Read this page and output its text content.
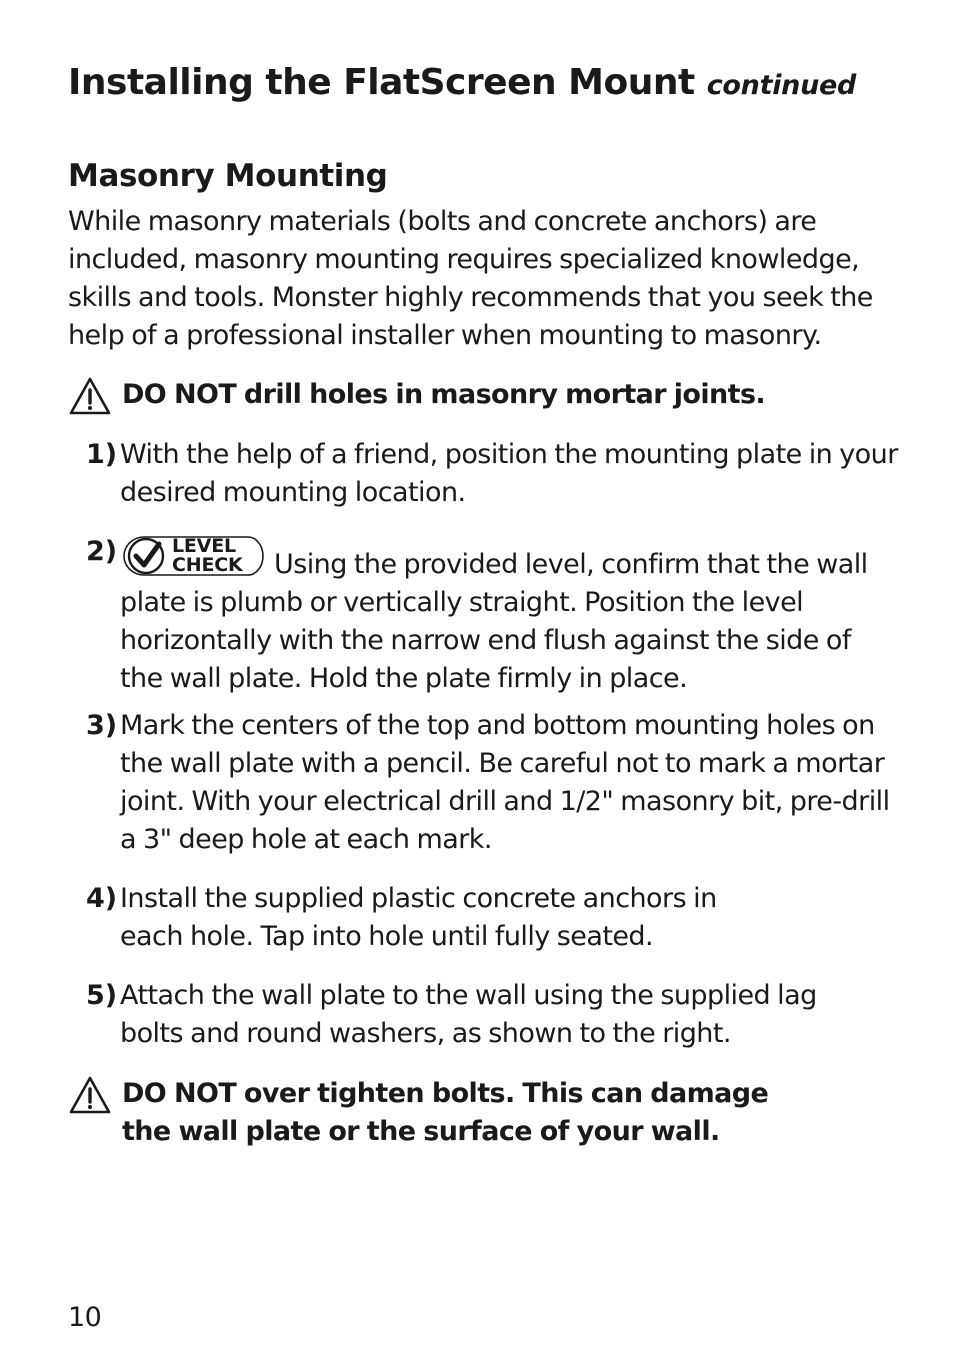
Installing the FlatScreen Mount continued
Masonry Mounting
While masonry materials (bolts and concrete anchors) are included, masonry mounting requires specialized knowledge, skills and tools. Monster highly recommends that you seek the help of a professional installer when mounting to masonry.
DO NOT drill holes in masonry mortar joints.
1) With the help of a friend, position the mounting plate in your desired mounting location.
2)	LEVEL
CHECK Using the provided level, confirm that the wall plate is plumb or vertically straight. Position the level horizontally with the narrow end flush against the side of the wall plate. Hold the plate firmly in place.
3) Mark the centers of the top and bottom mounting holes on the wall plate with a pencil. Be careful not to mark a mortar joint. With your electrical drill and 1/2" masonry bit, pre-drill a 3" deep hole at each mark.
4) Install the supplied plastic concrete anchors in each hole. Tap into hole until fully seated.
5) Attach the wall plate to the wall using the supplied lag bolts and round washers, as shown to the right.
DO NOT over tighten bolts. This can damage the wall plate or the surface of your wall.
10
